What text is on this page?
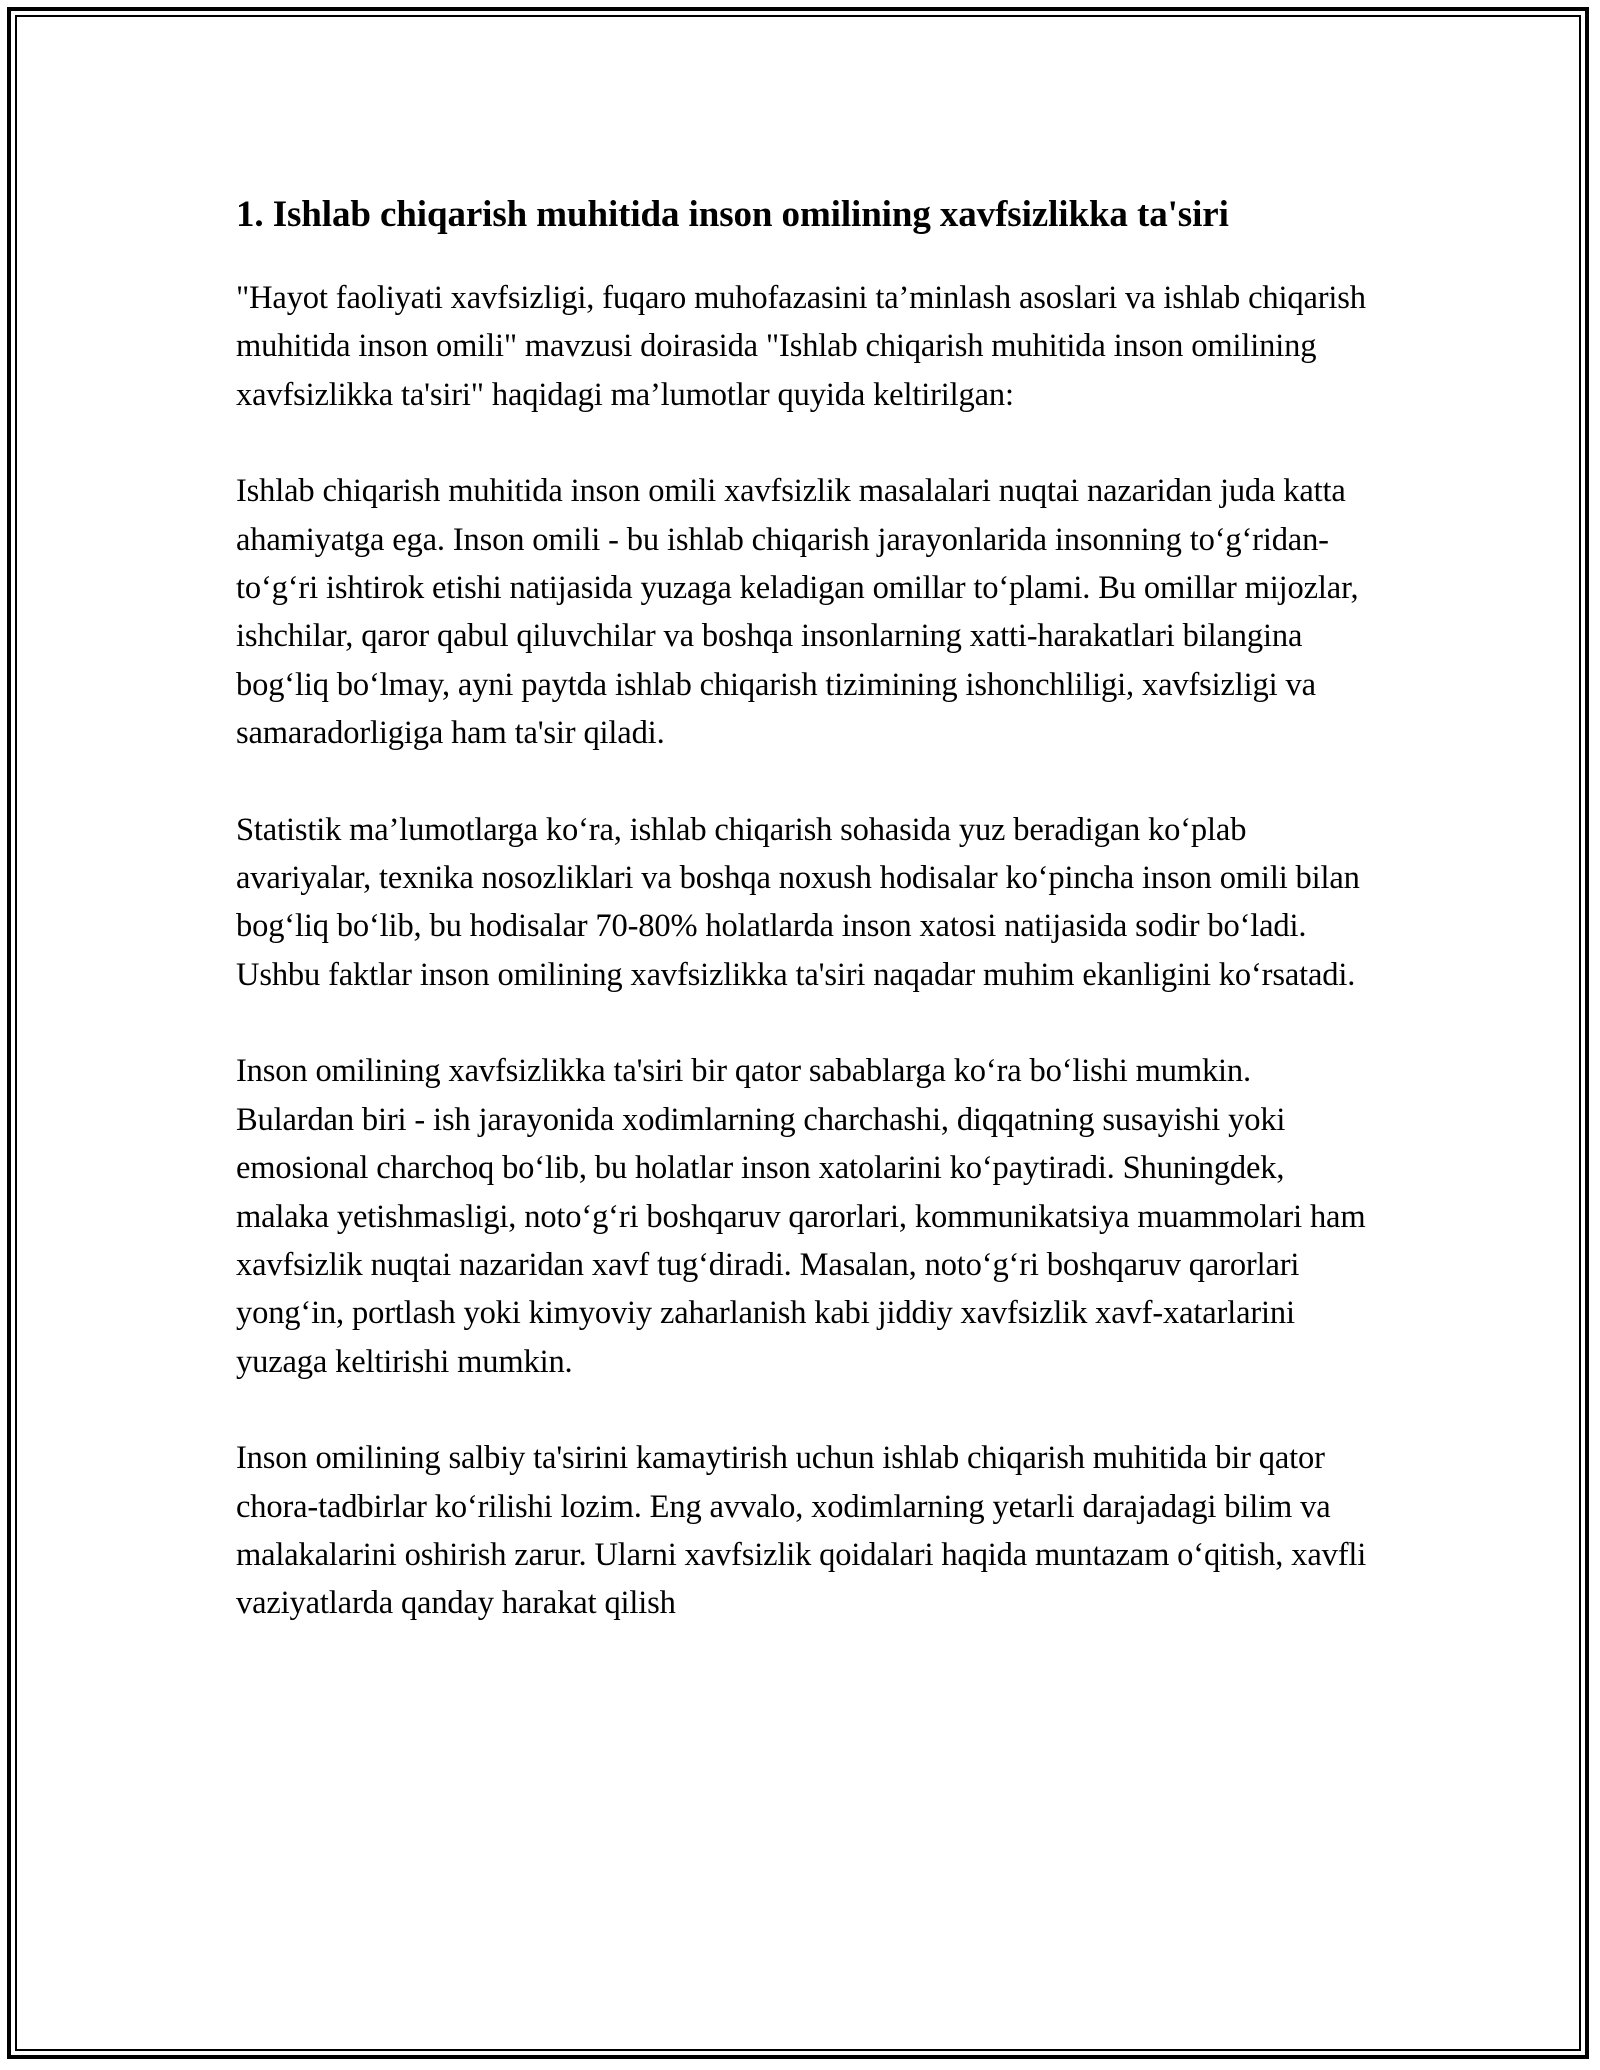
1. Ishlab chiqarish muhitida inson omilining xavfsizlikka ta'siri

"Hayot faoliyati xavfsizligi, fuqaro muhofazasini ta’minlash asoslari va ishlab chiqarish muhitida inson omili" mavzusi doirasida "Ishlab chiqarish muhitida inson omilining xavfsizlikka ta'siri" haqidagi ma’lumotlar quyida keltirilgan:

Ishlab chiqarish muhitida inson omili xavfsizlik masalalari nuqtai nazaridan juda katta ahamiyatga ega. Inson omili - bu ishlab chiqarish jarayonlarida insonning to‘g‘ridan-to‘g‘ri ishtirok etishi natijasida yuzaga keladigan omillar to‘plami. Bu omillar mijozlar, ishchilar, qaror qabul qiluvchilar va boshqa insonlarning xatti-harakatlari bilangina bog‘liq bo‘lmay, ayni paytda ishlab chiqarish tizimining ishonchliligi, xavfsizligi va samaradorligiga ham ta'sir qiladi.

Statistik ma’lumotlarga ko‘ra, ishlab chiqarish sohasida yuz beradigan ko‘plab avariyalar, texnika nosozliklari va boshqa noxush hodisalar ko‘pincha inson omili bilan bog‘liq bo‘lib, bu hodisalar 70-80% holatlarda inson xatosi natijasida sodir bo‘ladi. Ushbu faktlar inson omilining xavfsizlikka ta'siri naqadar muhim ekanligini ko‘rsatadi.

Inson omilining xavfsizlikka ta'siri bir qator sabablarga ko‘ra bo‘lishi mumkin. Bulardan biri - ish jarayonida xodimlarning charchashi, diqqatning susayishi yoki emosional charchoq bo‘lib, bu holatlar inson xatolarini ko‘paytiradi. Shuningdek, malaka yetishmasligi, noto‘g‘ri boshqaruv qarorlari, kommunikatsiya muammolari ham xavfsizlik nuqtai nazaridan xavf tug‘diradi. Masalan, noto‘g‘ri boshqaruv qarorlari yong‘in, portlash yoki kimyoviy zaharlanish kabi jiddiy xavfsizlik xavf-xatarlarini yuzaga keltirishi mumkin.

Inson omilining salbiy ta'sirini kamaytirish uchun ishlab chiqarish muhitida bir qator chora-tadbirlar ko‘rilishi lozim. Eng avvalo, xodimlarning yetarli darajadagi bilim va malakalarini oshirish zarur. Ularni xavfsizlik qoidalari haqida muntazam o‘qitish, xavfli vaziyatlarda qanday harakat qilish
